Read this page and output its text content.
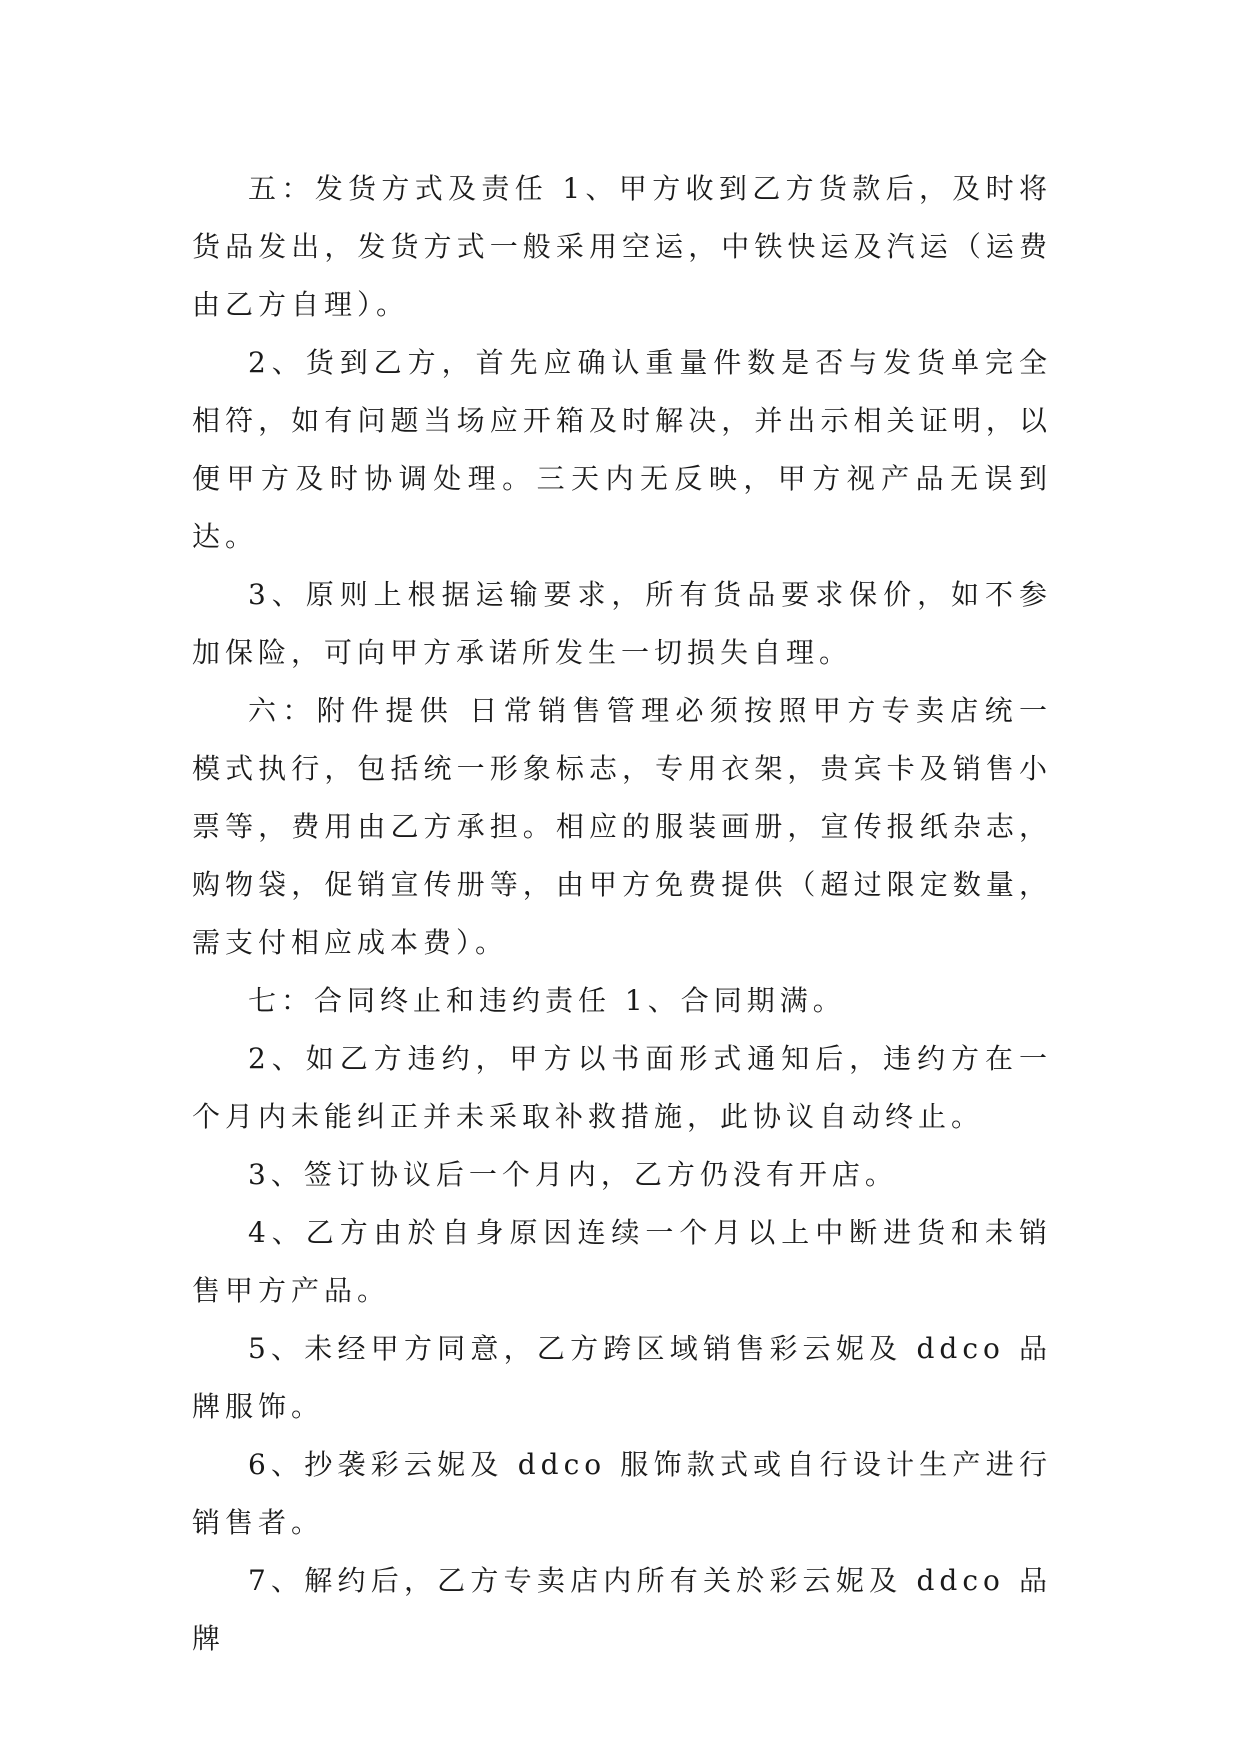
五：发货方式及责任 1、甲方收到乙方货款后，及时将货品发出，发货方式一般采用空运，中铁快运及汽运（运费由乙方自理）。

2、货到乙方，首先应确认重量件数是否与发货单完全相符，如有问题当场应开箱及时解决，并出示相关证明，以便甲方及时协调处理。三天内无反映，甲方视产品无误到达。

3、原则上根据运输要求，所有货品要求保价，如不参加保险，可向甲方承诺所发生一切损失自理。

六：附件提供 日常销售管理必须按照甲方专卖店统一模式执行，包括统一形象标志，专用衣架，贵宾卡及销售小票等，费用由乙方承担。相应的服装画册，宣传报纸杂志，购物袋，促销宣传册等，由甲方免费提供（超过限定数量，需支付相应成本费）。

七：合同终止和违约责任 1、合同期满。

2、如乙方违约，甲方以书面形式通知后，违约方在一个月内未能纠正并未采取补救措施，此协议自动终止。

3、签订协议后一个月内，乙方仍没有开店。

4、乙方由於自身原因连续一个月以上中断进货和未销售甲方产品。

5、未经甲方同意，乙方跨区域销售彩云妮及 ddco 品牌服饰。

6、抄袭彩云妮及 ddco 服饰款式或自行设计生产进行销售者。

7、解约后，乙方专卖店内所有关於彩云妮及 ddco 品牌
